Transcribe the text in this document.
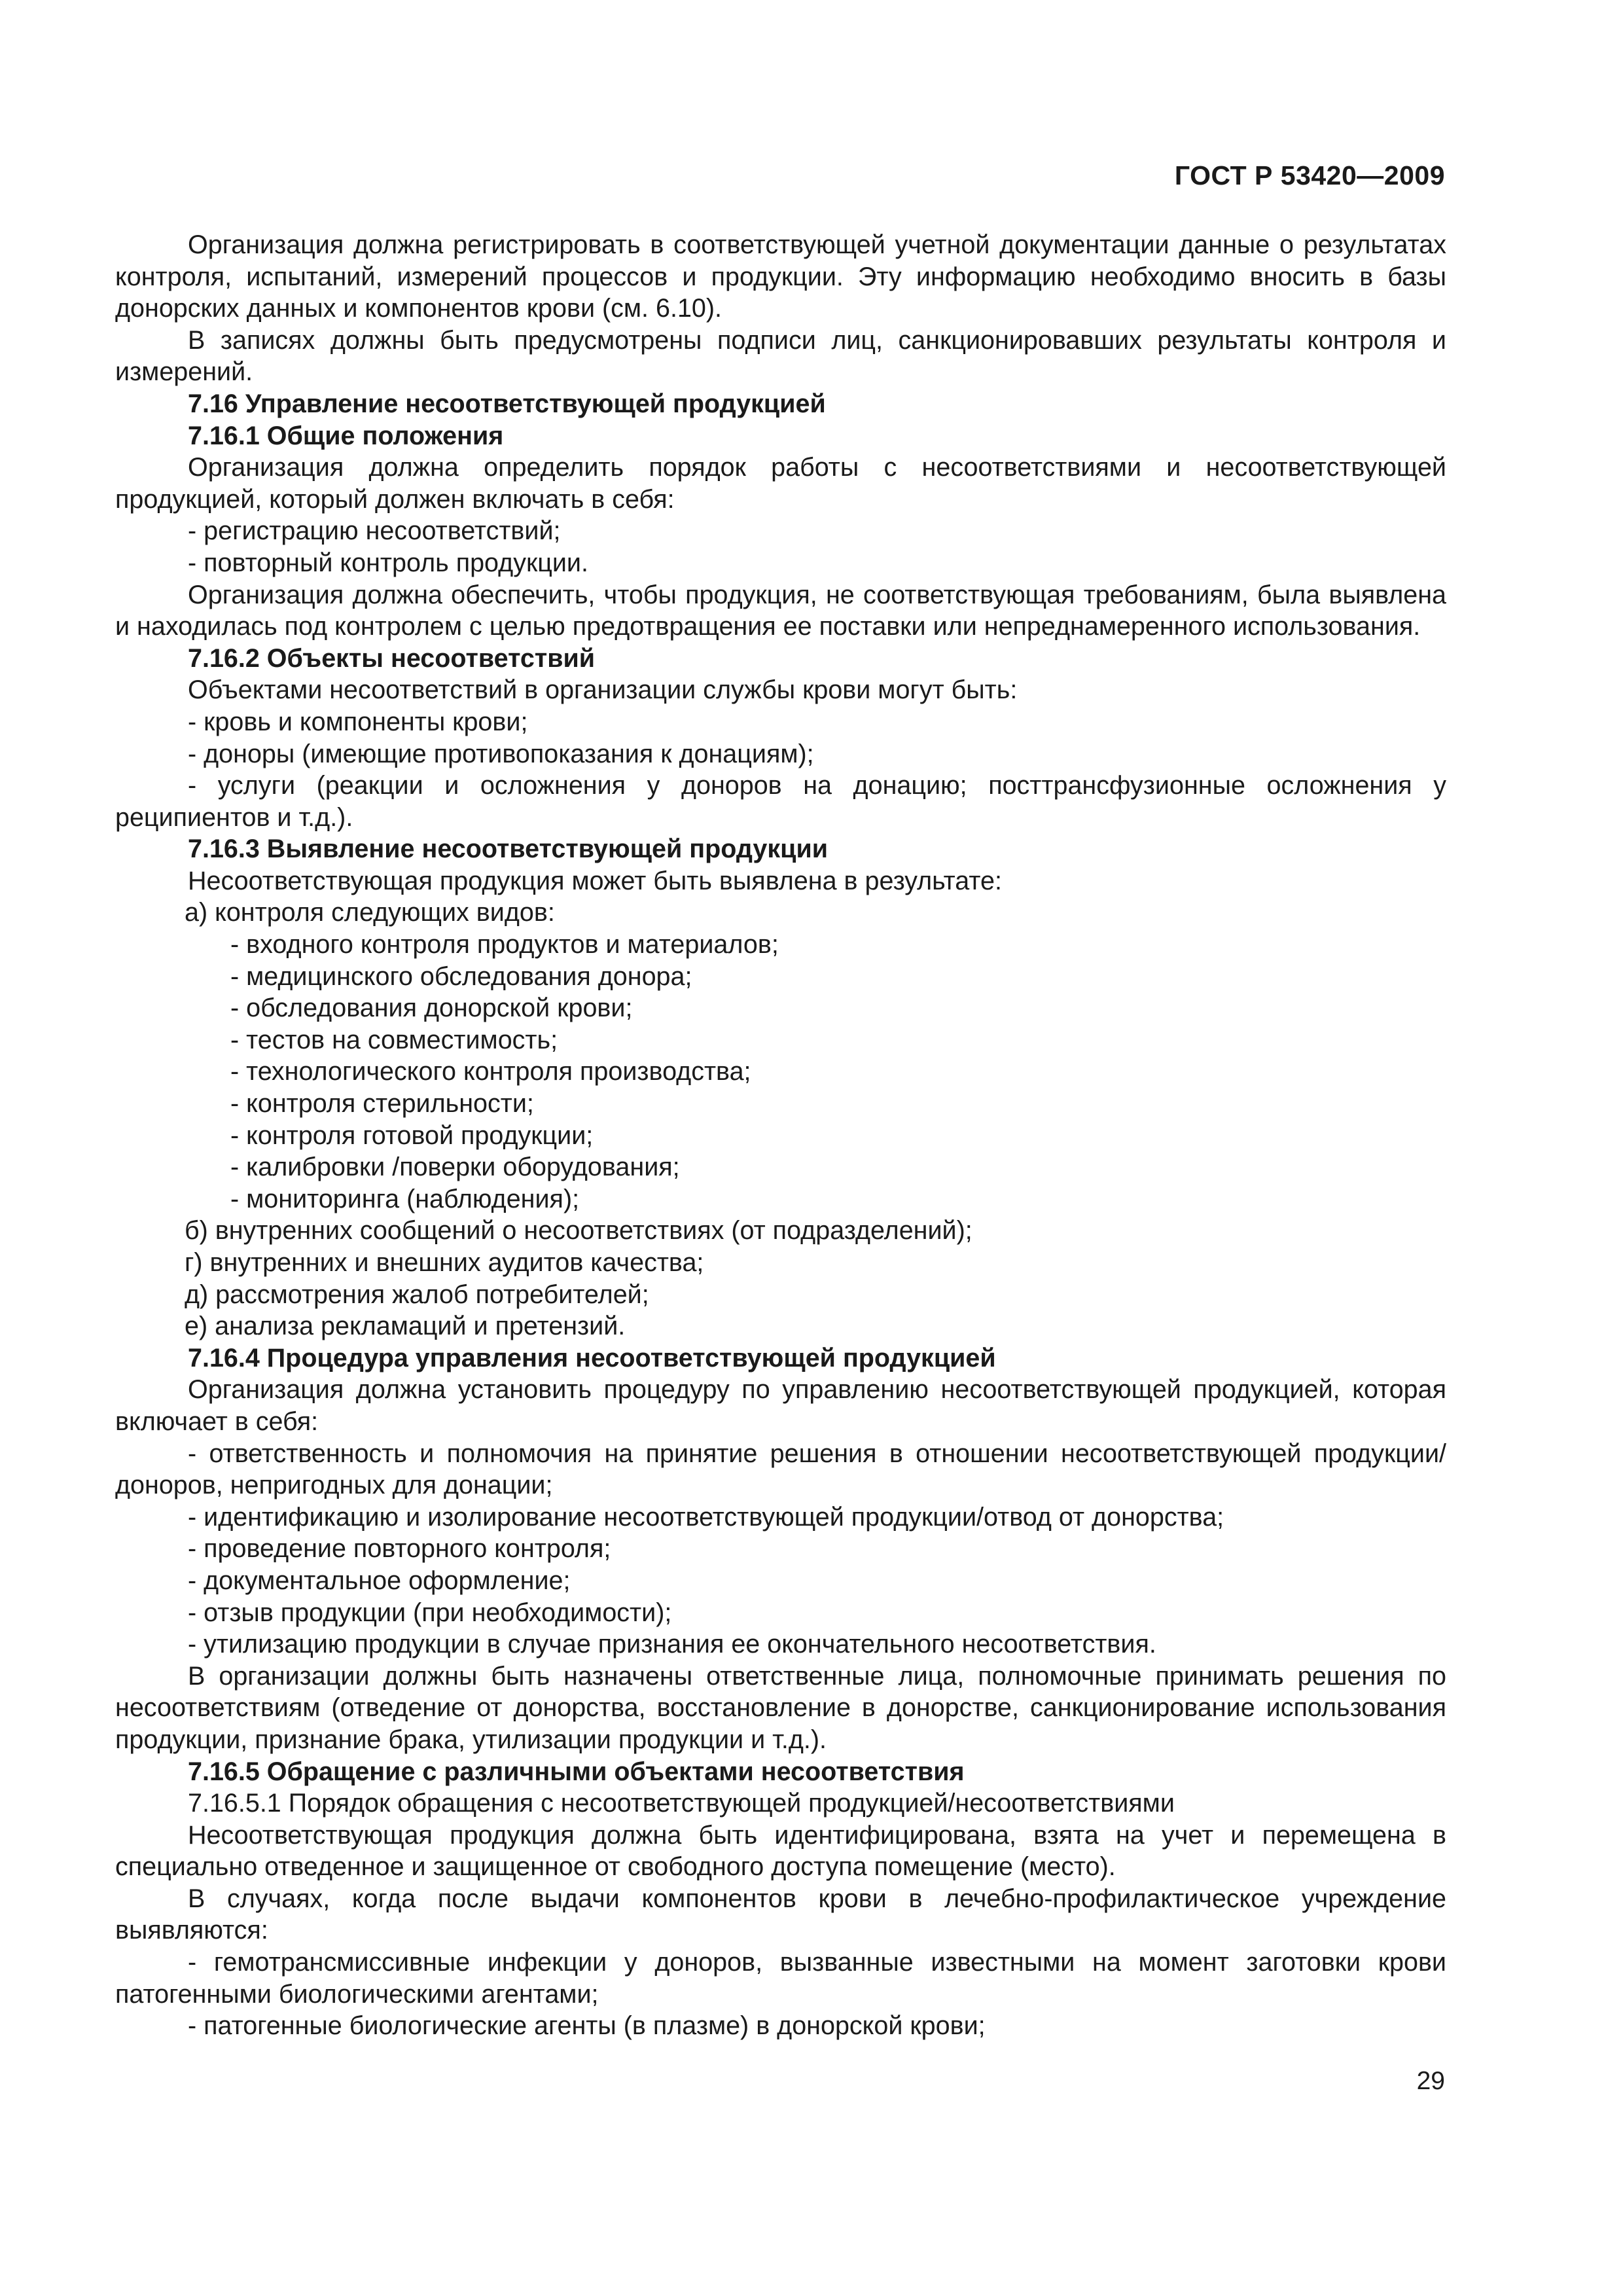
ГОСТ Р 53420—2009

Организация должна регистрировать в соответствующей учетной документации данные о результатах контроля, испытаний, измерений процессов и продукции. Эту информацию необходимо вносить в базы донорских данных и компонентов крови (см. 6.10).

В записях должны быть предусмотрены подписи лиц, санкционировавших результаты контроля и измерений.

7.16 Управление несоответствующей продукцией

7.16.1 Общие положения

Организация должна определить порядок работы с несоответствиями и несоответствующей продукцией, который должен включать в себя:

- регистрацию несоответствий;

- повторный контроль продукции.

Организация должна обеспечить, чтобы продукция, не соответствующая требованиям, была выявлена и находилась под контролем с целью предотвращения ее поставки или непреднамеренного использования.

7.16.2 Объекты несоответствий

Объектами несоответствий в организации службы крови могут быть:

- кровь и компоненты крови;

- доноры (имеющие противопоказания к донациям);

- услуги (реакции и осложнения у доноров на донацию; посттрансфузионные осложнения у реципиентов и т.д.).

7.16.3 Выявление несоответствующей продукции

Несоответствующая продукция может быть выявлена в результате:

а) контроля следующих видов:

- входного контроля продуктов и материалов;

- медицинского обследования донора;

- обследования донорской крови;

- тестов на совместимость;

- технологического контроля производства;

- контроля стерильности;

- контроля готовой продукции;

- калибровки /поверки оборудования;

- мониторинга (наблюдения);

б) внутренних сообщений о несоответствиях (от подразделений);

г) внутренних и внешних аудитов качества;

д) рассмотрения жалоб потребителей;

е) анализа рекламаций и претензий.

7.16.4 Процедура управления несоответствующей продукцией

Организация должна установить процедуру по управлению несоответствующей продукцией, которая включает в себя:

- ответственность и полномочия на принятие решения в отношении несоответствующей продукции/доноров, непригодных для донации;

- идентификацию и изолирование несоответствующей продукции/отвод от донорства;

- проведение повторного контроля;

- документальное оформление;

- отзыв продукции (при необходимости);

- утилизацию продукции в случае признания ее окончательного несоответствия.

В организации должны быть назначены ответственные лица, полномочные принимать решения по несоответствиям (отведение от донорства, восстановление в донорстве, санкционирование использования продукции, признание брака, утилизации продукции и т.д.).

7.16.5 Обращение с различными объектами несоответствия

7.16.5.1 Порядок обращения с несоответствующей продукцией/несоответствиями

Несоответствующая продукция должна быть идентифицирована, взята на учет и перемещена в специально отведенное и защищенное от свободного доступа помещение (место).

В случаях, когда после выдачи компонентов крови в лечебно-профилактическое учреждение выявляются:

- гемотрансмиссивные инфекции у доноров, вызванные известными на момент заготовки крови патогенными биологическими агентами;

- патогенные биологические агенты (в плазме) в донорской крови;

29
